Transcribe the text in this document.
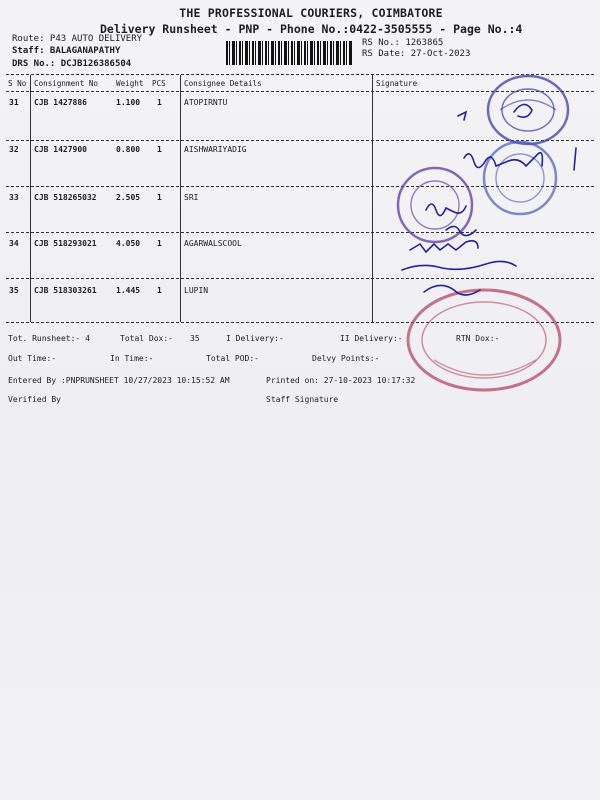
THE PROFESSIONAL COURIERS, COIMBATORE
Delivery Runsheet - PNP - Phone No.:0422-3505555 - Page No.:4
Route: P43 AUTO DELIVERY
Staff: BALAGANAPATHY
DRS No.: DCJB126386504
RS No.: 1263865
RS Date: 27-Oct-2023
S No Consignment No Weight PCS Consignee Details	Signature
31 CJB 1427886	1.100 1	ATOPIRNTU
32 CJB 1427900	0.800 1	AISHWARIYADIG
33 CJB 518265032 2.505 1	SRI
34 CJB 518293021 4.050 1	AGARWALSCOOL
35 CJB 518303261 1.445 1	LUPIN
Tot. Runsheet:- 4	Total Dox:- 35	I Delivery:-	II Delivery:-	RTN Dox:-
Out Time:-	In Time:-	Total POD:-	Delvy Points:-
Entered By :PNPRUNSHEET 10/27/2023 10:15:52 AM	Printed on: 27-10-2023 10:17:32
Verified By	Staff Signature
